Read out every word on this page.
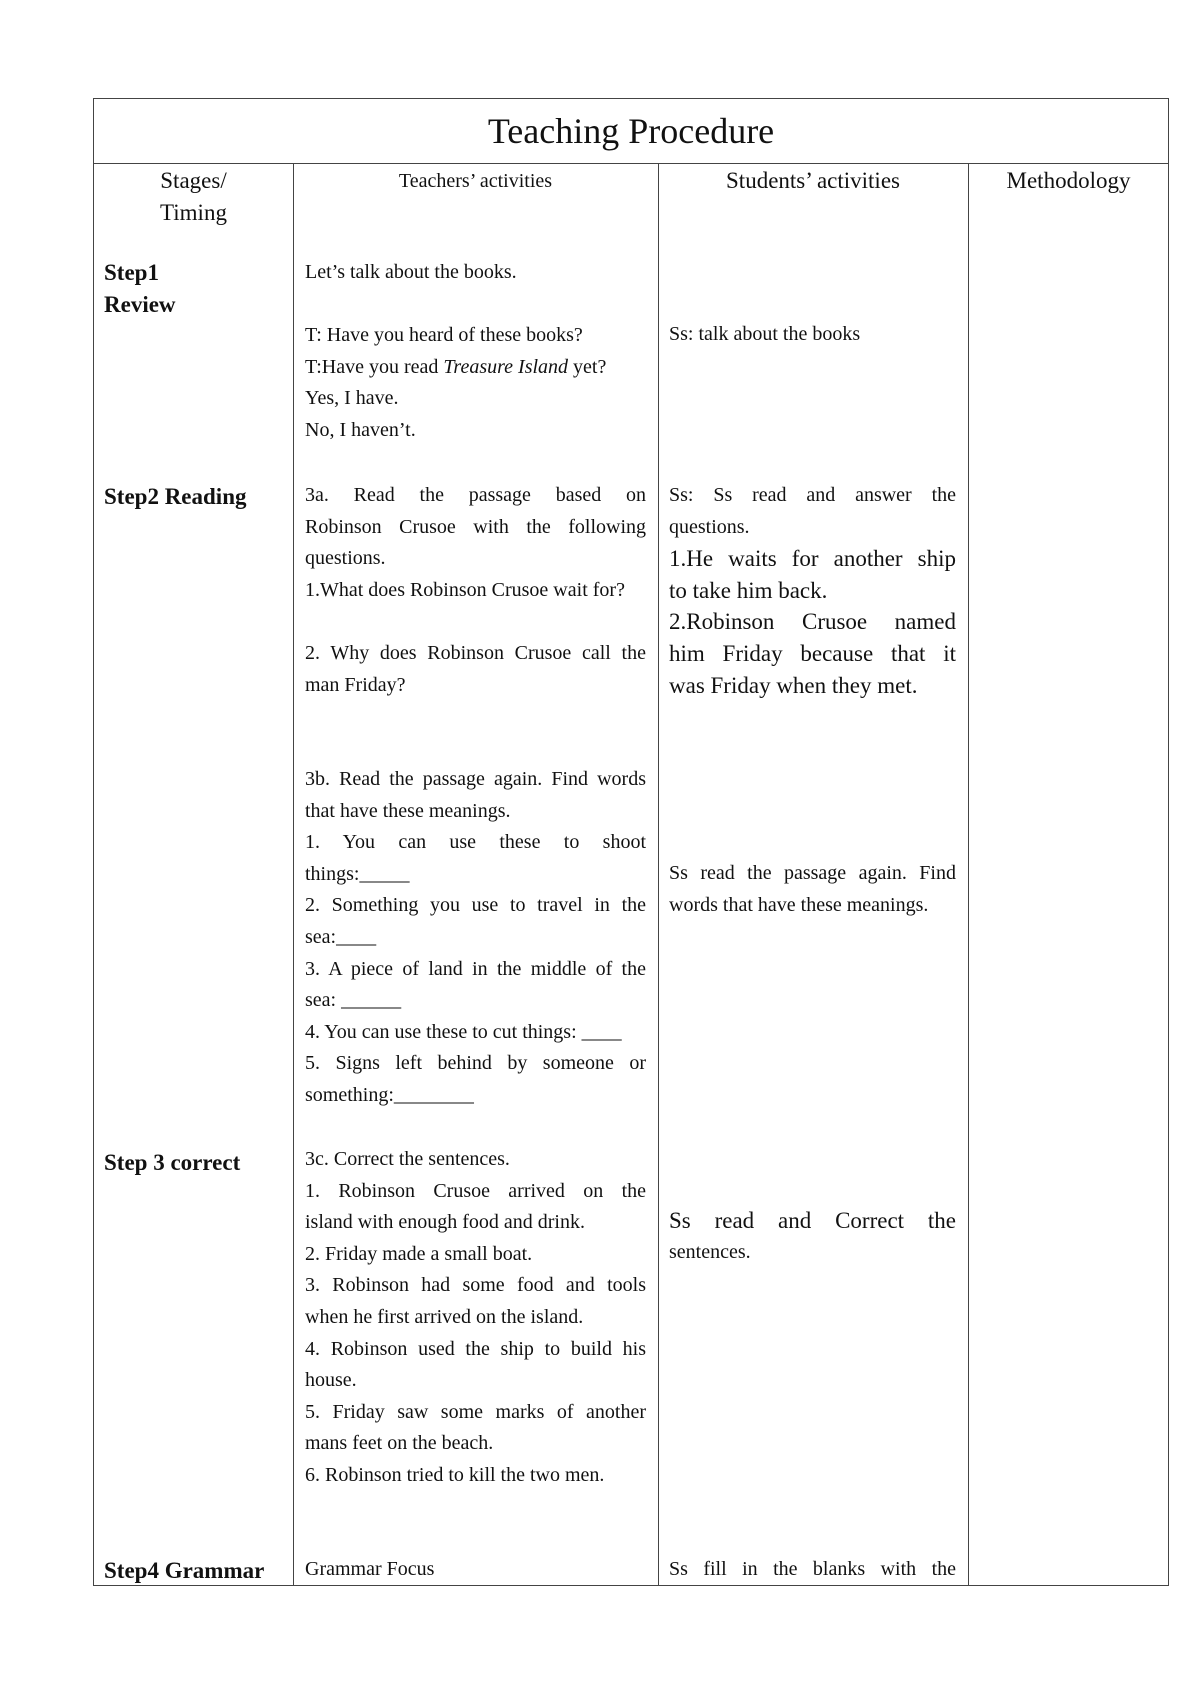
Teaching Procedure
Stages/
Timing
Teachers’ activities	Students’ activities	Methodology
Step1
Review
Step2 Reading
Step 3 correct
Step4 Grammar

Let’s talk about the books.

T: Have you heard of these books?

T:Have you read Treasure Island yet?

Yes, I have.

No, I haven’t.

3a. Read the passage based on

Robinson Crusoe with the following

questions.

1.What does Robinson Crusoe wait for?

2. Why does Robinson Crusoe call the

man Friday?

3b. Read the passage again. Find words

that have these meanings.

1. You can use these to shoot

things:_____

2. Something you use to travel in the

sea:____

3. A piece of land in the middle of the

sea: ______

4. You can use these to cut things: ____

5. Signs left behind by someone or

something:________

3c. Correct the sentences.

1. Robinson Crusoe arrived on the

island with enough food and drink.

2. Friday made a small boat.

3. Robinson had some food and tools

when he first arrived on the island.

4. Robinson used the ship to build his

house.

5. Friday saw some marks of another

mans feet on the beach.

6. Robinson tried to kill the two men.

Grammar Focus
Ss: talk about the books

Ss: Ss read and answer the

questions.

1.He waits for another ship

to take him back.

2.Robinson Crusoe named

him Friday because that it

was Friday when they met.

Ss read the passage again. Find

words that have these meanings.

Ss read and Correct the

sentences.

Ss fill in the blanks with the
